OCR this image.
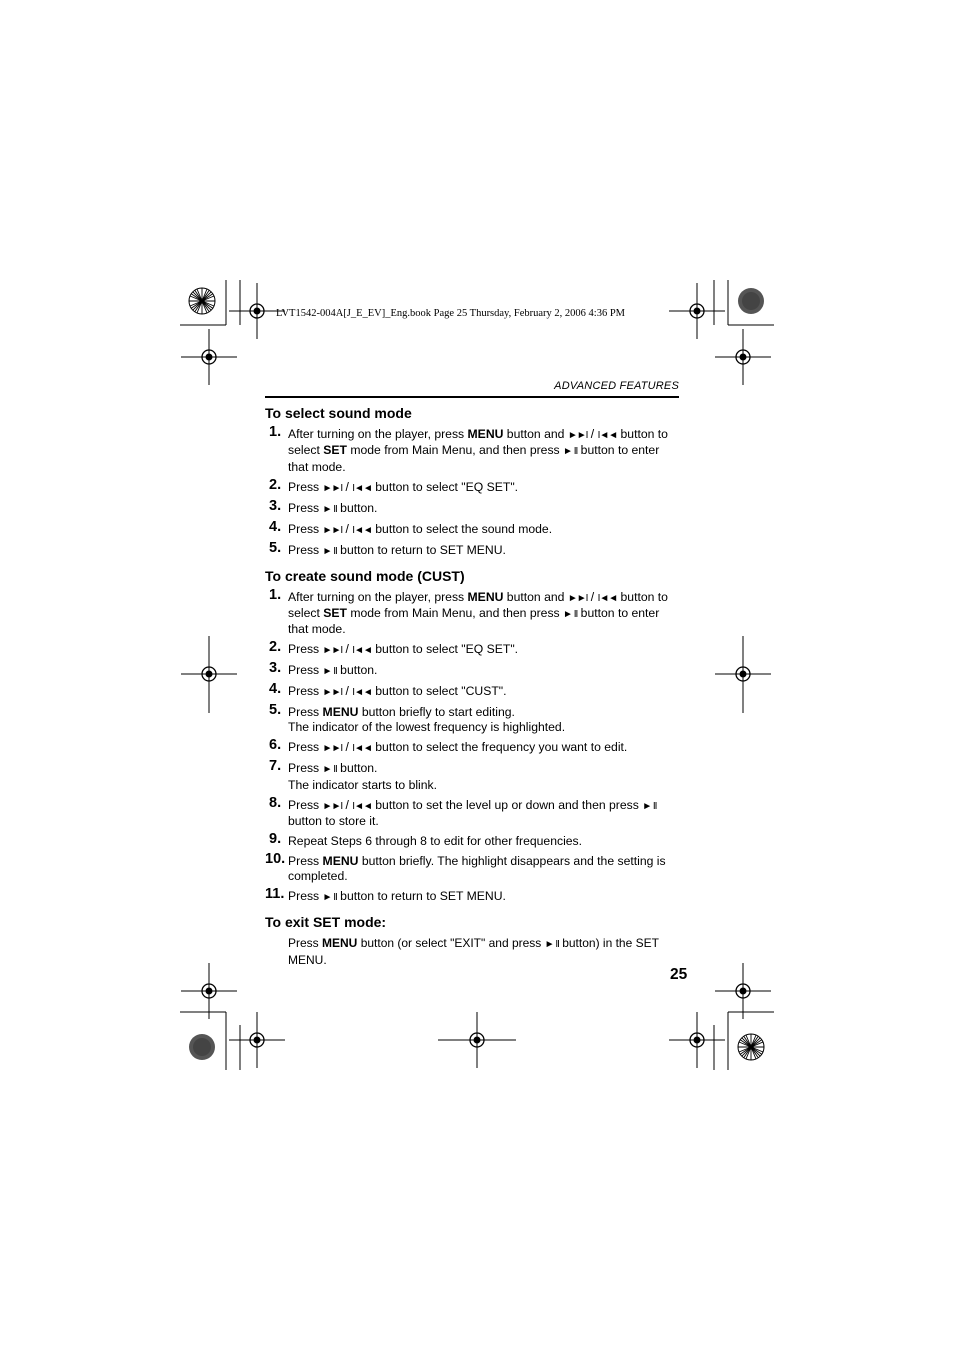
LVT1542-004A[J_E_EV]_Eng.book Page 25 Thursday, February 2, 2006 4:36 PM
ADVANCED FEATURES
To select sound mode
1. After turning on the player, press MENU button and ►►I / I◄◄ button to select SET mode from Main Menu, and then press ► II button to enter that mode.
2. Press ►►I / I◄◄ button to select "EQ SET".
3. Press ► II button.
4. Press ►►I / I◄◄ button to select the sound mode.
5. Press ► II button to return to SET MENU.
To create sound mode (CUST)
1. After turning on the player, press MENU button and ►►I / I◄◄ button to select SET mode from Main Menu, and then press ► II button to enter that mode.
2. Press ►►I / I◄◄ button to select "EQ SET".
3. Press ► II button.
4. Press ►►I / I◄◄ button to select "CUST".
5. Press MENU button briefly to start editing.
The indicator of the lowest frequency is highlighted.
6. Press ►►I / I◄◄ button to select the frequency you want to edit.
7. Press ► II button.
The indicator starts to blink.
8. Press ►►I / I◄◄ button to set the level up or down and then press ► II button to store it.
9. Repeat Steps 6 through 8 to edit for other frequencies.
10. Press MENU button briefly. The highlight disappears and the setting is completed.
11. Press ► II button to return to SET MENU.
To exit SET mode:
Press MENU button (or select "EXIT" and press ► II button) in the SET MENU.
25
